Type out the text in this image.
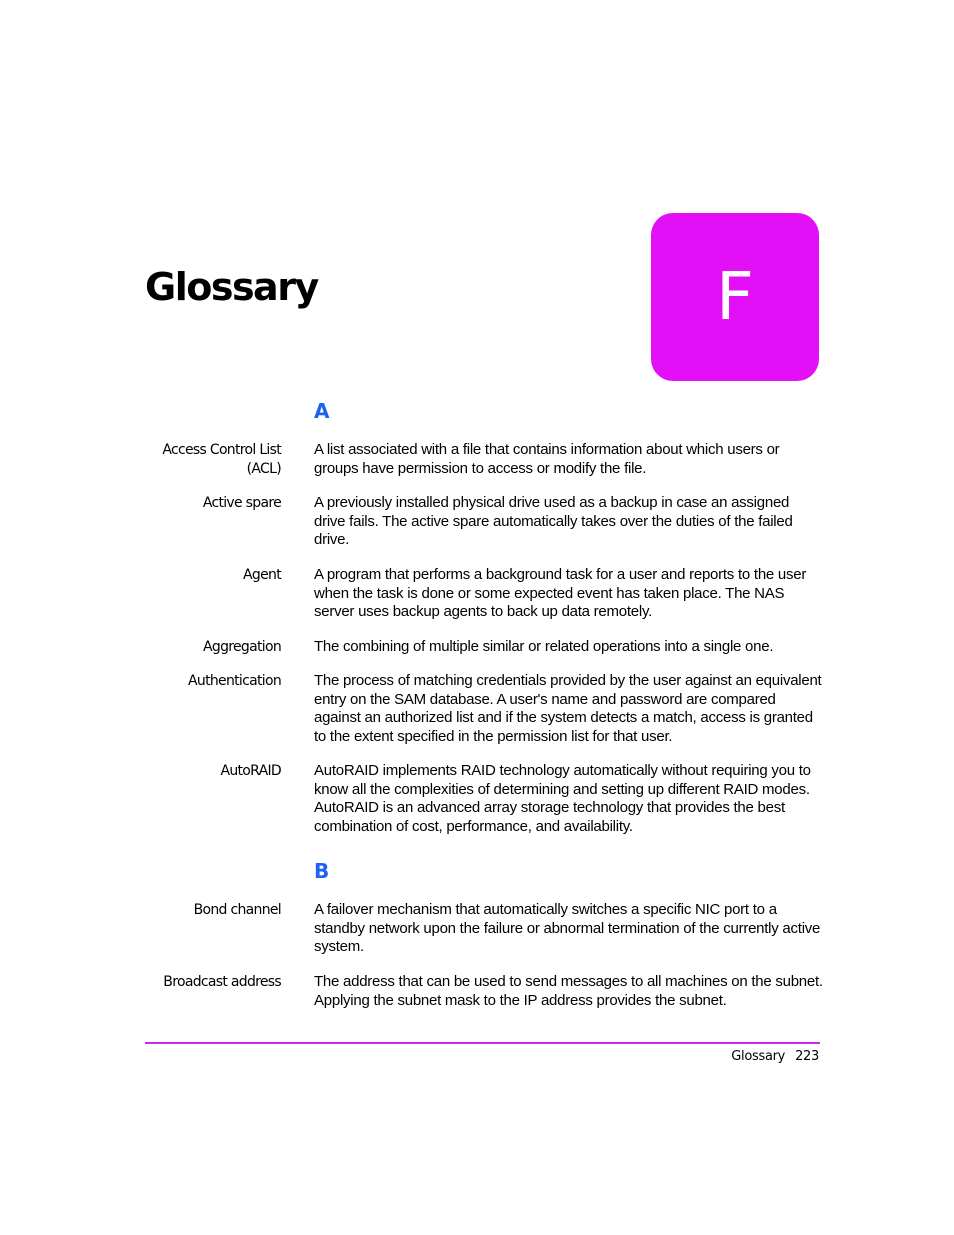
Glossary	F
A
Access Control List (ACL)
A list associated with a file that contains information about which users or groups have permission to access or modify the file.
Active spare A previously installed physical drive used as a backup in case an assigned drive fails. The active spare automatically takes over the duties of the failed drive.
Agent A program that performs a background task for a user and reports to the user when the task is done or some expected event has taken place. The NAS server uses backup agents to back up data remotely.
Aggregation The combining of multiple similar or related operations into a single one.
Authentication The process of matching credentials provided by the user against an equivalent entry on the SAM database. A user's name and password are compared against an authorized list and if the system detects a match, access is granted to the extent specified in the permission list for that user.
AutoRAID AutoRAID implements RAID technology automatically without requiring you to know all the complexities of determining and setting up different RAID modes. AutoRAID is an advanced array storage technology that provides the best combination of cost, performance, and availability.
B
Bond channel A failover mechanism that automatically switches a specific NIC port to a standby network upon the failure or abnormal termination of the currently active system.
Broadcast address The address that can be used to send messages to all machines on the subnet. Applying the subnet mask to the IP address provides the subnet.
Glossary 223
